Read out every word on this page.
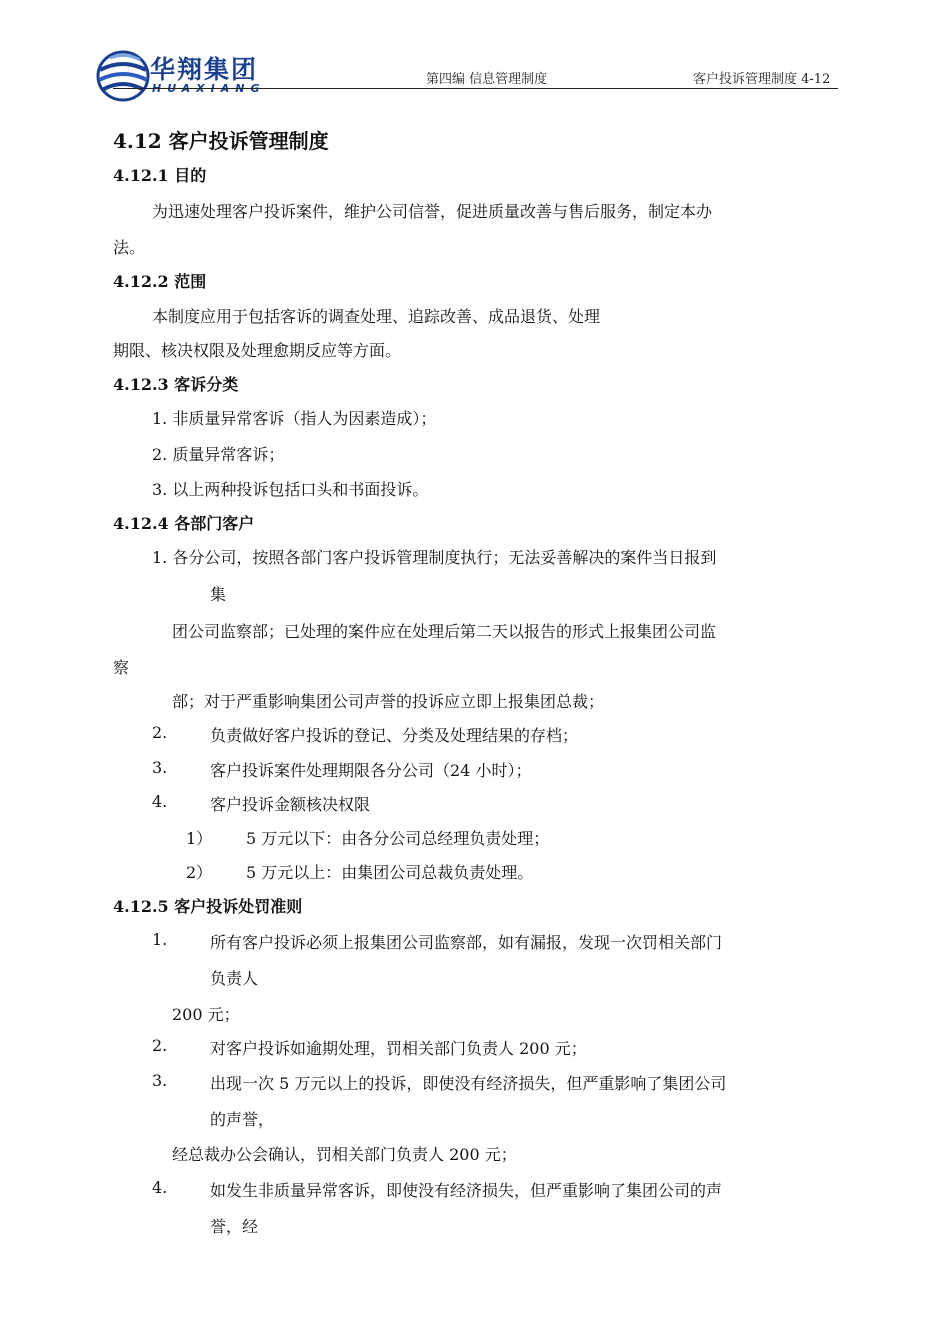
华翔集团
HUAXIANG
第四编 信息管理制度	客户投诉管理制度 4-12
4.12 客户投诉管理制度
4.12.1 目的
为迅速处理客户投诉案件，维护公司信誉，促进质量改善与售后服务，制定本办
法。
4.12.2 范围
本制度应用于包括客诉的调查处理、追踪改善、成品退货、处理
期限、核决权限及处理愈期反应等方面。
4.12.3 客诉分类
1. 非质量异常客诉（指人为因素造成）；
2. 质量异常客诉；
3. 以上两种投诉包括口头和书面投诉。
4.12.4 各部门客户
1. 各分公司，按照各部门客户投诉管理制度执行；无法妥善解决的案件当日报到
集
团公司监察部；已处理的案件应在处理后第二天以报告的形式上报集团公司监
察
部；对于严重影响集团公司声誉的投诉应立即上报集团总裁；
2.	负责做好客户投诉的登记、分类及处理结果的存档；
3.	客户投诉案件处理期限各分公司（24 小时）；
4.	客户投诉金额核决权限
1） 5 万元以下：由各分公司总经理负责处理；
2） 5 万元以上：由集团公司总裁负责处理。
4.12.5 客户投诉处罚准则
1.	所有客户投诉必须上报集团公司监察部，如有漏报，发现一次罚相关部门
负责人
200 元；
2.	对客户投诉如逾期处理，罚相关部门负责人 200 元；
3.	出现一次 5 万元以上的投诉，即使没有经济损失，但严重影响了集团公司
的声誉，
经总裁办公会确认，罚相关部门负责人 200 元；
4.	如发生非质量异常客诉，即使没有经济损失，但严重影响了集团公司的声
誉，经
